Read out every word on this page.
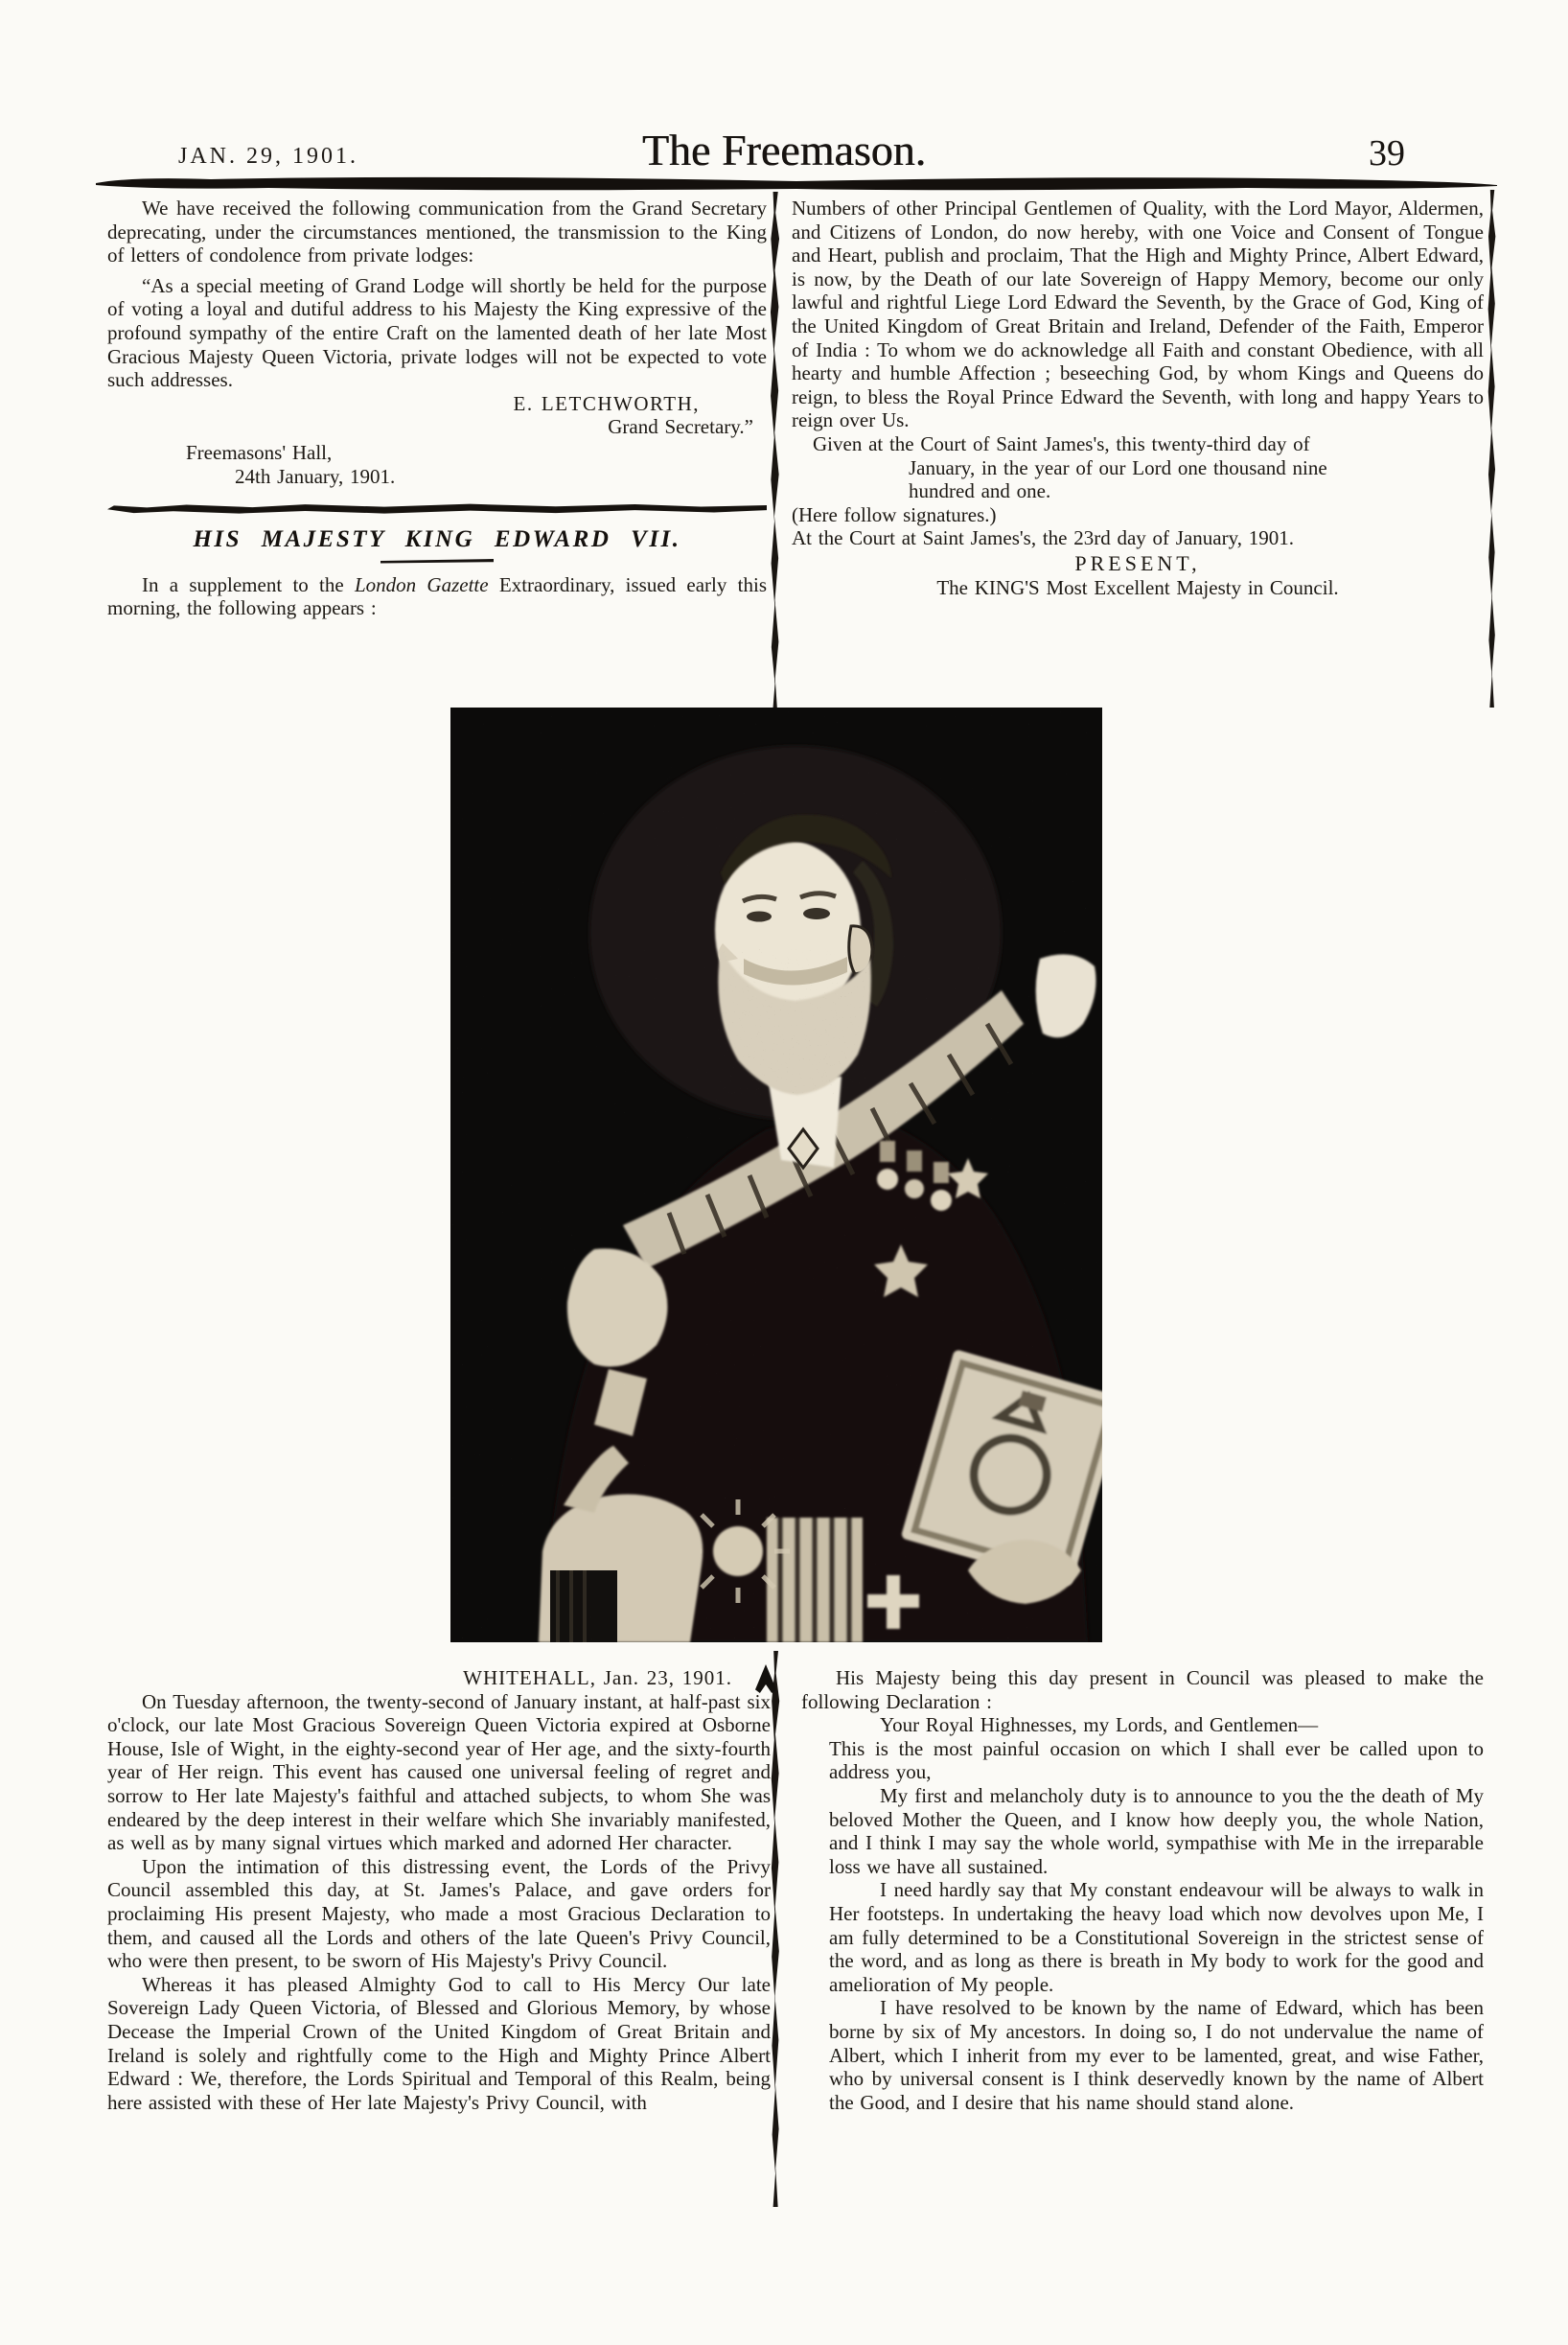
JAN. 29, 1901.	The Freemason.	39

We have received the following communication from the Grand Secretary deprecating, under the circumstances mentioned, the transmission to the King of letters of condolence from private lodges:

“As a special meeting of Grand Lodge will shortly be held for the purpose of voting a loyal and dutiful address to his Majesty the King expressive of the profound sympathy of the entire Craft on the lamented death of her late Most Gracious Majesty Queen Victoria, private lodges will not be expected to vote such addresses.

E. LETCHWORTH,

Grand Secretary.”

Freemasons' Hall,

24th January, 1901.

HIS MAJESTY KING EDWARD VII.

In a supplement to the London Gazette Extraordinary, issued early this morning, the following appears :

Numbers of other Principal Gentlemen of Quality, with the Lord Mayor, Aldermen, and Citizens of London, do now hereby, with one Voice and Consent of Tongue and Heart, publish and proclaim, That the High and Mighty Prince, Albert Edward, is now, by the Death of our late Sovereign of Happy Memory, become our only lawful and rightful Liege Lord Edward the Seventh, by the Grace of God, King of the United Kingdom of Great Britain and Ireland, Defender of the Faith, Emperor of India : To whom we do acknowledge all Faith and constant Obedience, with all hearty and humble Affection ; beseeching God, by whom Kings and Queens do reign, to bless the Royal Prince Edward the Seventh, with long and happy Years to reign over Us.

Given at the Court of Saint James's, this twenty-third day of

January, in the year of our Lord one thousand nine

hundred and one.

(Here follow signatures.)

At the Court at Saint James's, the 23rd day of January, 1901.

PRESENT,

The KING'S Most Excellent Majesty in Council.

WHITEHALL, Jan. 23, 1901.

On Tuesday afternoon, the twenty-second of January instant, at half-past six o'clock, our late Most Gracious Sovereign Queen Victoria expired at Osborne House, Isle of Wight, in the eighty-second year of Her age, and the sixty-fourth year of Her reign. This event has caused one universal feeling of regret and sorrow to Her late Majesty's faithful and attached subjects, to whom She was endeared by the deep interest in their welfare which She invariably manifested, as well as by many signal virtues which marked and adorned Her character.

Upon the intimation of this distressing event, the Lords of the Privy Council assembled this day, at St. James's Palace, and gave orders for proclaiming His present Majesty, who made a most Gracious Declaration to them, and caused all the Lords and others of the late Queen's Privy Council, who were then present, to be sworn of His Majesty's Privy Council.

Whereas it has pleased Almighty God to call to His Mercy Our late Sovereign Lady Queen Victoria, of Blessed and Glorious Memory, by whose Decease the Imperial Crown of the United Kingdom of Great Britain and Ireland is solely and rightfully come to the High and Mighty Prince Albert Edward : We, therefore, the Lords Spiritual and Temporal of this Realm, being here assisted with these of Her late Majesty's Privy Council, with

His Majesty being this day present in Council was pleased to make the following Declaration :

Your Royal Highnesses, my Lords, and Gentlemen—

This is the most painful occasion on which I shall ever be called upon to address you,

My first and melancholy duty is to announce to you the the death of My beloved Mother the Queen, and I know how deeply you, the whole Nation, and I think I may say the whole world, sympathise with Me in the irreparable loss we have all sustained.

I need hardly say that My constant endeavour will be always to walk in Her footsteps. In undertaking the heavy load which now devolves upon Me, I am fully determined to be a Constitutional Sovereign in the strictest sense of the word, and as long as there is breath in My body to work for the good and amelioration of My people.

I have resolved to be known by the name of Edward, which has been borne by six of My ancestors. In doing so, I do not undervalue the name of Albert, which I inherit from my ever to be lamented, great, and wise Father, who by universal consent is I think deservedly known by the name of Albert the Good, and I desire that his name should stand alone.
